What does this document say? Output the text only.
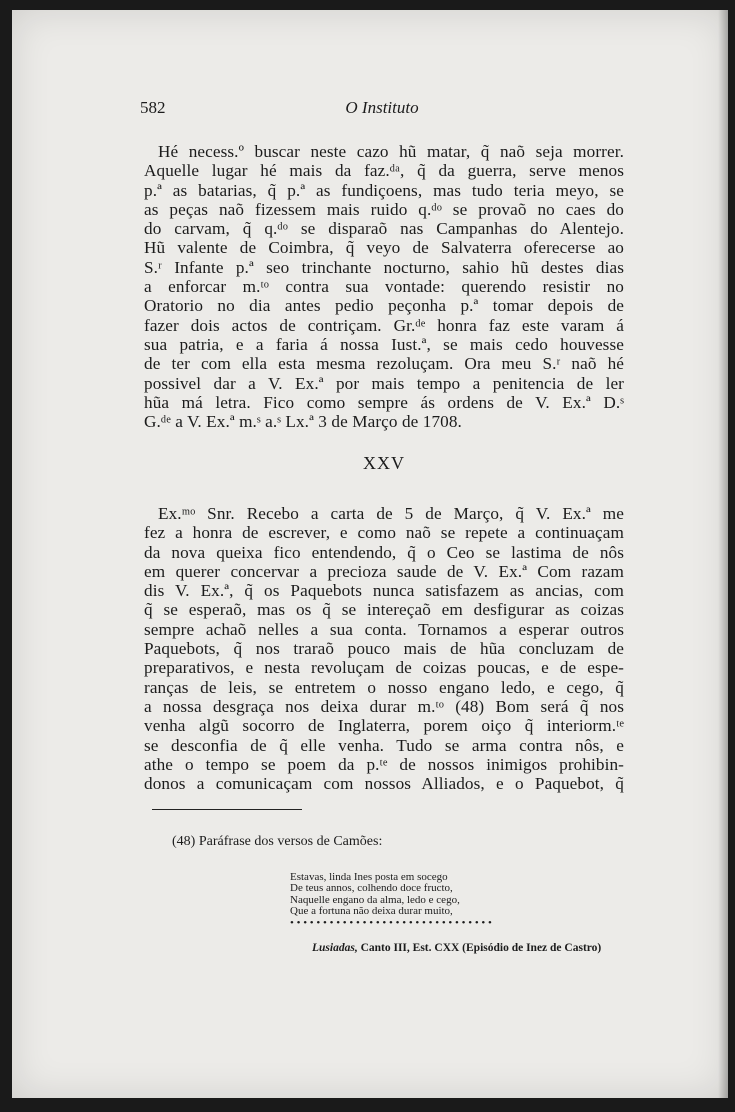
582	O Instituto
Hé necess.º buscar neste cazo hũ matar, q̃ naõ seja morrer.
Aquelle lugar hé mais da faz.ᵈᵃ, q̃ da guerra, serve menos
p.ª as batarias, q̃ p.ª as fundiçoens, mas tudo teria meyo, se
as peças naõ fizessem mais ruido q.ᵈᵒ se provaõ no caes do
do carvam, q̃ q.ᵈᵒ se disparaõ nas Campanhas do Alentejo.
Hũ valente de Coimbra, q̃ veyo de Salvaterra oferecerse ao
S.ʳ Infante p.ª seo trinchante nocturno, sahio hũ destes dias
a enforcar m.ᵗᵒ contra sua vontade: querendo resistir no
Oratorio no dia antes pedio peçonha p.ª tomar depois de
fazer dois actos de contriçam. Gr.ᵈᵉ honra faz este varam á
sua patria, e a faria á nossa Iust.ª, se mais cedo houvesse
de ter com ella esta mesma rezoluçam. Ora meu S.ʳ naõ hé
possivel dar a V. Ex.ª por mais tempo a penitencia de ler
hũa má letra. Fico como sempre ás ordens de V. Ex.ª D.ˢ
G.ᵈᵉ a V. Ex.ª m.ˢ a.ˢ Lx.ª 3 de Março de 1708.
XXV
Ex.ᵐᵒ Snr. Recebo a carta de 5 de Março, q̃ V. Ex.ª me
fez a honra de escrever, e como naõ se repete a continuaçam
da nova queixa fico entendendo, q̃ o Ceo se lastima de nôs
em querer concervar a precioza saude de V. Ex.ª Com razam
dis V. Ex.ª, q̃ os Paquebots nunca satisfazem as ancias, com
q̃ se esperaõ, mas os q̃ se intereçaõ em desfigurar as coizas
sempre achaõ nelles a sua conta. Tornamos a esperar outros
Paquebots, q̃ nos traraõ pouco mais de hũa concluzam de
preparativos, e nesta revoluçam de coizas poucas, e de espe-
ranças de leis, se entretem o nosso engano ledo, e cego, q̃
a nossa desgraça nos deixa durar m.ᵗᵒ (48) Bom será q̃ nos
venha algũ socorro de Inglaterra, porem oiço q̃ interiorm.ᵗᵉ
se desconfia de q̃ elle venha. Tudo se arma contra nôs, e
athe o tempo se poem da p.ᵗᵉ de nossos inimigos prohibin-
donos a comunicaçam com nossos Alliados, e o Paquebot, q̃
(48) Paráfrase dos versos de Camões:
Estavas, linda Ines posta em socego
De teus annos, colhendo doce fructo,
Naquelle engano da alma, ledo e cego,
Que a fortuna não deixa durar muito,
• • • • • • • • • • • • • • • • • • • • • • • • • • • • • • •
Lusiadas, Canto III, Est. CXX (Episódio de Inez de Castro)
